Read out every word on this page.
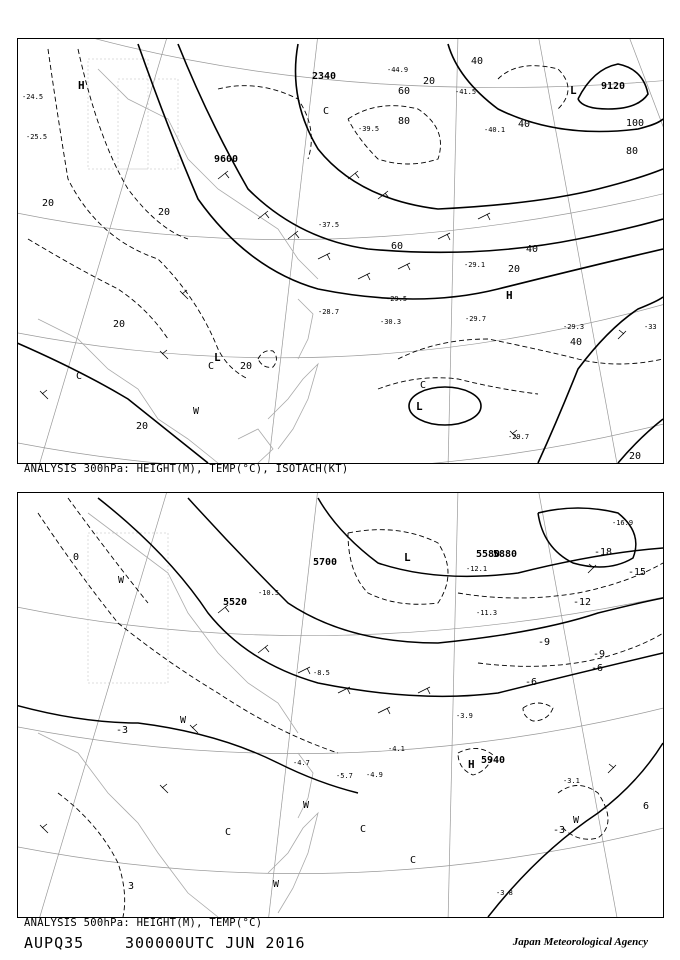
H
H
L
L
L
W
C
C
C
C
9600
9120
2340
20
20
20
20
20
20
20
20
40
40
40
40
60
60
80
80
100
-24.5
-25.5
-29.1
-29.7
-30.3
-28.7
-29.5
-29.3
-29.7
-39.5
-37.5
-41.5
-40.1
-44.9
-33
ANALYSIS 300hPa: HEIGHT(M), TEMP(°C), ISOTACH(KT)
H
L
W
W
W
W
W
C	C
C
5700
5580
5940
5880
5520
-3
-3
-6
-6
-9
-9
-12
-15
-18
0
6
3
-3.9
-4.1
-5.7 -4.9
-4.7
-12.1
-11.3
-16.9
-3.1
-3.8
-10.5
-8.5
ANALYSIS 500hPa: HEIGHT(M), TEMP(°C)
AUPQ35	300000UTC JUN 2016	Japan Meteorological Agency
